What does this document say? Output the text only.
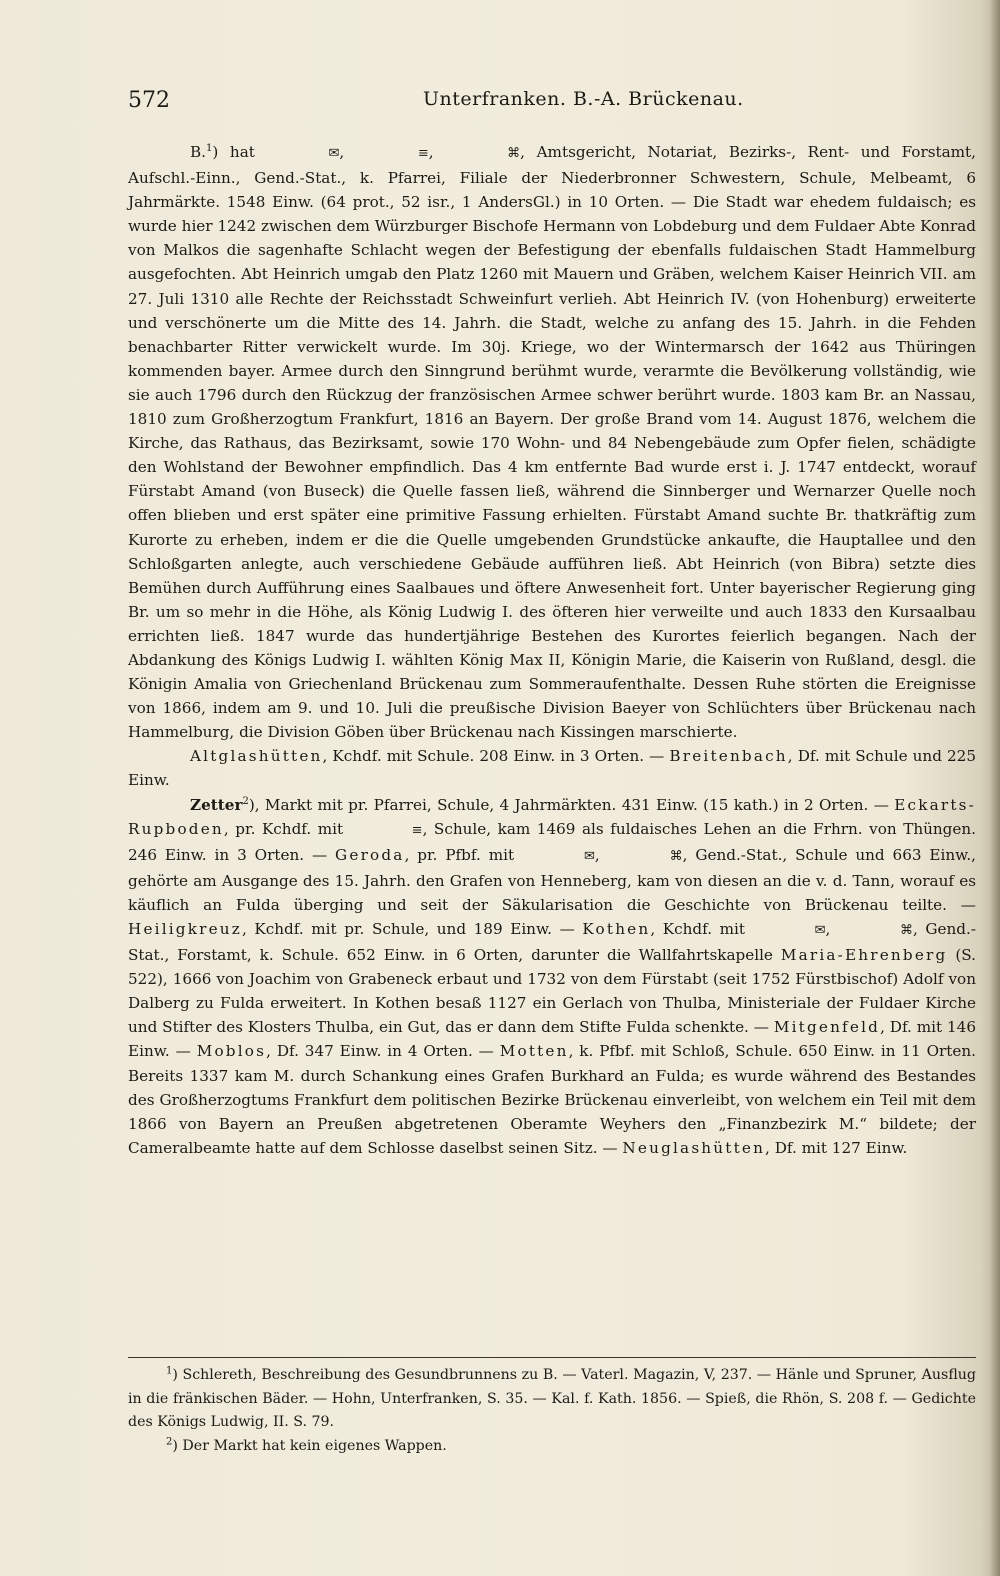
572	Unterfranken. B.-A. Brückenau.

B.$^1$) hat	✉,	≡,	⌘, Amtsgericht, Notariat, Bezirks-, Rent- und Forstamt, Aufschl.-Einn., Gend.-Stat., k. Pfarrei, Filiale der Niederbronner Schwestern, Schule, Melbeamt, 6 Jahrmärkte. 1548 Einw. (64 prot., 52 isr., 1 AndersGl.) in 10 Orten. — Die Stadt war ehedem fuldaisch; es wurde hier 1242 zwischen dem Würzburger Bischofe Hermann von Lobdeburg und dem Fuldaer Abte Konrad von Malkos die sagenhafte Schlacht wegen der Befestigung der ebenfalls fuldaischen Stadt Hammelburg ausgefochten. Abt Heinrich umgab den Platz 1260 mit Mauern und Gräben, welchem Kaiser Heinrich VII. am 27. Juli 1310 alle Rechte der Reichsstadt Schweinfurt verlieh. Abt Heinrich IV. (von Hohenburg) erweiterte und verschönerte um die Mitte des 14. Jahrh. die Stadt, welche zu anfang des 15. Jahrh. in die Fehden benachbarter Ritter verwickelt wurde. Im 30j. Kriege, wo der Wintermarsch der 1642 aus Thüringen kommenden bayer. Armee durch den Sinngrund berühmt wurde, verarmte die Bevölkerung vollständig, wie sie auch 1796 durch den Rückzug der französischen Armee schwer berührt wurde. 1803 kam Br. an Nassau, 1810 zum Großherzogtum Frankfurt, 1816 an Bayern. Der große Brand vom 14. August 1876, welchem die Kirche, das Rathaus, das Bezirksamt, sowie 170 Wohn- und 84 Nebengebäude zum Opfer fielen, schädigte den Wohlstand der Bewohner empfindlich. Das 4 km entfernte Bad wurde erst i. J. 1747 entdeckt, worauf Fürstabt Amand (von Buseck) die Quelle fassen ließ, während die Sinnberger und Wernarzer Quelle noch offen blieben und erst später eine primitive Fassung erhielten. Fürstabt Amand suchte Br. thatkräftig zum Kurorte zu erheben, indem er die die Quelle umgebenden Grundstücke ankaufte, die Hauptallee und den Schloßgarten anlegte, auch verschiedene Gebäude aufführen ließ. Abt Heinrich (von Bibra) setzte dies Bemühen durch Aufführung eines Saalbaues und öftere Anwesenheit fort. Unter bayerischer Regierung ging Br. um so mehr in die Höhe, als König Ludwig I. des öfteren hier verweilte und auch 1833 den Kursaalbau errichten ließ. 1847 wurde das hundertjährige Bestehen des Kurortes feierlich begangen. Nach der Abdankung des Königs Ludwig I. wählten König Max II, Königin Marie, die Kaiserin von Rußland, desgl. die Königin Amalia von Griechenland Brückenau zum Sommeraufenthalte. Dessen Ruhe störten die Ereignisse von 1866, indem am 9. und 10. Juli die preußische Division Baeyer von Schlüchters über Brückenau nach Hammelburg, die Division Göben über Brückenau nach Kissingen marschierte.

Altglashütten, Kchdf. mit Schule. 208 Einw. in 3 Orten. — Breitenbach, Df. mit Schule und 225 Einw.

Zetter$^2$), Markt mit pr. Pfarrei, Schule, 4 Jahrmärkten. 431 Einw. (15 kath.) in 2 Orten. — Eckarts-Rupboden, pr. Kchdf. mit	≡, Schule, kam 1469 als fuldaisches Lehen an die Frhrn. von Thüngen. 246 Einw. in 3 Orten. — Geroda, pr. Pfbf. mit	✉,	⌘, Gend.-Stat., Schule und 663 Einw., gehörte am Ausgange des 15. Jahrh. den Grafen von Henneberg, kam von diesen an die v. d. Tann, worauf es käuflich an Fulda überging und seit der Säkularisation die Geschichte von Brückenau teilte. — Heiligkreuz, Kchdf. mit pr. Schule, und 189 Einw. — Kothen, Kchdf. mit	✉,	⌘, Gend.-Stat., Forstamt, k. Schule. 652 Einw. in 6 Orten, darunter die Wallfahrtskapelle Maria-Ehrenberg (S. 522), 1666 von Joachim von Grabeneck erbaut und 1732 von dem Fürstabt (seit 1752 Fürstbischof) Adolf von Dalberg zu Fulda erweitert. In Kothen besaß 1127 ein Gerlach von Thulba, Ministeriale der Fuldaer Kirche und Stifter des Klosters Thulba, ein Gut, das er dann dem Stifte Fulda schenkte. — Mitgenfeld, Df. mit 146 Einw. — Moblos, Df. 347 Einw. in 4 Orten. — Motten, k. Pfbf. mit Schloß, Schule. 650 Einw. in 11 Orten. Bereits 1337 kam M. durch Schankung eines Grafen Burkhard an Fulda; es wurde während des Bestandes des Großherzogtums Frankfurt dem politischen Bezirke Brückenau einverleibt, von welchem ein Teil mit dem 1866 von Bayern an Preußen abgetretenen Oberamte Weyhers den „Finanzbezirk M.“ bildete; der Cameralbeamte hatte auf dem Schlosse daselbst seinen Sitz. — Neuglashütten, Df. mit 127 Einw.

$^1$) Schlereth, Beschreibung des Gesundbrunnens zu B. — Vaterl. Magazin, V, 237. — Hänle und Spruner, Ausflug in die fränkischen Bäder. — Hohn, Unterfranken, S. 35. — Kal. f. Kath. 1856. — Spieß, die Rhön, S. 208 f. — Gedichte des Königs Ludwig, II. S. 79.

$^2$) Der Markt hat kein eigenes Wappen.
